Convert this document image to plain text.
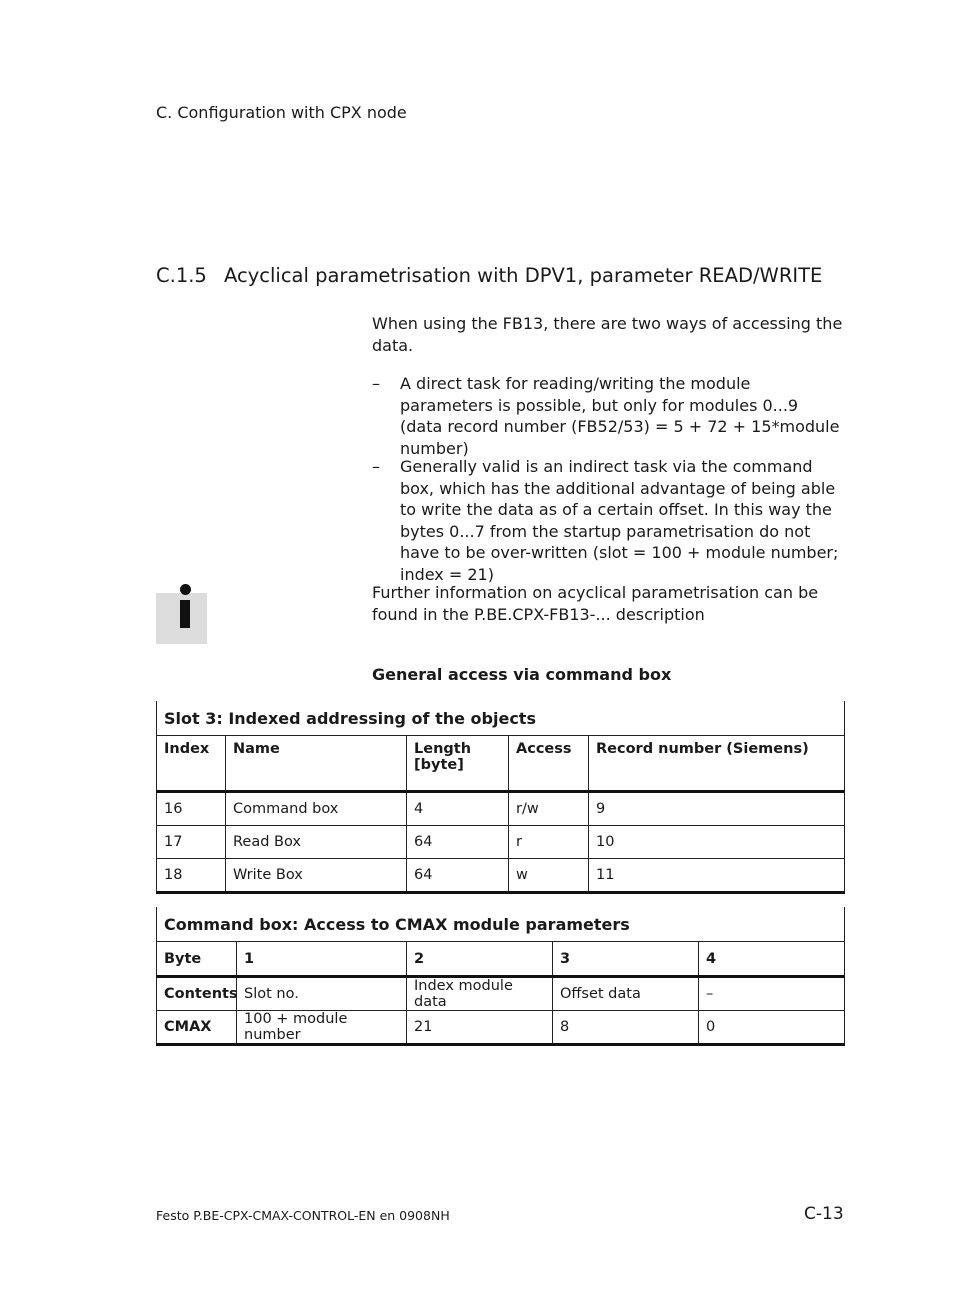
C. Configuration with CPX node
C.1.5 Acyclical parametrisation with DPV1, parameter READ/WRITE
When using the FB13, there are two ways of accessing the data.
– A direct task for reading/writing the module parameters is possible, but only for modules 0...9 (data record number (FB52/53) = 5 + 72 + 15*module number)
– Generally valid is an indirect task via the command box, which has the additional advantage of being able to write the data as of a certain offset. In this way the bytes 0...7 from the startup parametrisation do not have to be over-written (slot = 100 + module number; index = 21)
Further information on acyclical parametrisation can be found in the P.BE.CPX-FB13-... description
General access via command box
Slot 3: Indexed addressing of the objects				
Index	Name	Length [byte]	Access	Record number (Siemens)
16	Command box	4	r/w	9
17	Read Box	64	r	10
18	Write Box	64	w	11
Command box: Access to CMAX module parameters				
Byte	1	2	3	4
Contents	Slot no.	Index module data	Offset data	–
CMAX	100 + module number	21	8	0
Festo P.BE-CPX-CMAX-CONTROL-EN en 0908NH	C-13
